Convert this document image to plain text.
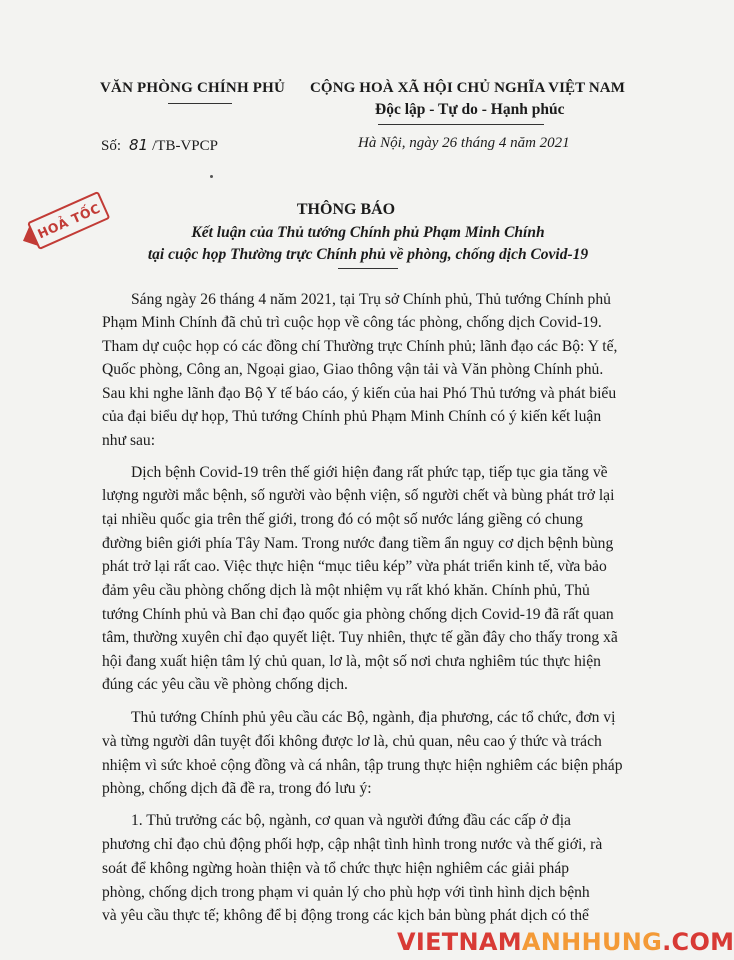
VĂN PHÒNG CHÍNH PHỦ CỘNG HOÀ XÃ HỘI CHỦ NGHĨA VIỆT NAM
Độc lập - Tự do - Hạnh phúc
Số: 81 /TB-VPCP	Hà Nội, ngày 26 tháng 4 năm 2021
HOẢ TỐC	THÔNG BÁO
Kết luận của Thủ tướng Chính phủ Phạm Minh Chính
tại cuộc họp Thường trực Chính phủ về phòng, chống dịch Covid-19
Sáng ngày 26 tháng 4 năm 2021, tại Trụ sở Chính phủ, Thủ tướng Chính phủ
Phạm Minh Chính đã chủ trì cuộc họp về công tác phòng, chống dịch Covid-19.
Tham dự cuộc họp có các đồng chí Thường trực Chính phủ; lãnh đạo các Bộ: Y tế,
Quốc phòng, Công an, Ngoại giao, Giao thông vận tải và Văn phòng Chính phủ.
Sau khi nghe lãnh đạo Bộ Y tế báo cáo, ý kiến của hai Phó Thủ tướng và phát biểu
của đại biểu dự họp, Thủ tướng Chính phủ Phạm Minh Chính có ý kiến kết luận
như sau:
Dịch bệnh Covid-19 trên thế giới hiện đang rất phức tạp, tiếp tục gia tăng về
lượng người mắc bệnh, số người vào bệnh viện, số người chết và bùng phát trở lại
tại nhiều quốc gia trên thế giới, trong đó có một số nước láng giềng có chung
đường biên giới phía Tây Nam. Trong nước đang tiềm ẩn nguy cơ dịch bệnh bùng
phát trở lại rất cao. Việc thực hiện “mục tiêu kép” vừa phát triển kinh tế, vừa bảo
đảm yêu cầu phòng chống dịch là một nhiệm vụ rất khó khăn. Chính phủ, Thủ
tướng Chính phủ và Ban chỉ đạo quốc gia phòng chống dịch Covid-19 đã rất quan
tâm, thường xuyên chỉ đạo quyết liệt. Tuy nhiên, thực tế gần đây cho thấy trong xã
hội đang xuất hiện tâm lý chủ quan, lơ là, một số nơi chưa nghiêm túc thực hiện
đúng các yêu cầu về phòng chống dịch.
Thủ tướng Chính phủ yêu cầu các Bộ, ngành, địa phương, các tổ chức, đơn vị
và từng người dân tuyệt đối không được lơ là, chủ quan, nêu cao ý thức và trách
nhiệm vì sức khoẻ cộng đồng và cá nhân, tập trung thực hiện nghiêm các biện pháp
phòng, chống dịch đã đề ra, trong đó lưu ý:
1. Thủ trưởng các bộ, ngành, cơ quan và người đứng đầu các cấp ở địa
phương chỉ đạo chủ động phối hợp, cập nhật tình hình trong nước và thế giới, rà
soát để không ngừng hoàn thiện và tổ chức thực hiện nghiêm các giải pháp
phòng, chống dịch trong phạm vi quản lý cho phù hợp với tình hình dịch bệnh
và yêu cầu thực tế; không để bị động trong các kịch bản bùng phát dịch có thể
VIETNAMANHHUNG.COM
